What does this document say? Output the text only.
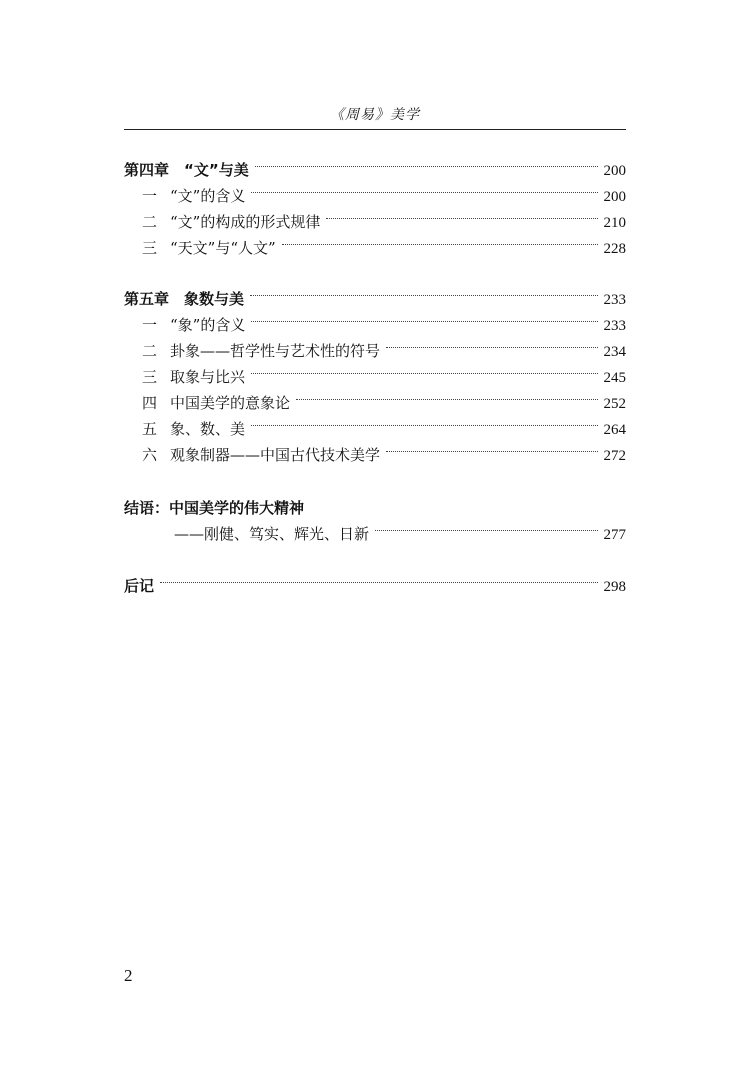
《周易》美学
第四章　“文”与美	200
一 “文”的含义	200
二 “文”的构成的形式规律	210
三 “天文”与“人文”	228
第五章　象数与美	233
一 “象”的含义	233
二 卦象——哲学性与艺术性的符号	234
三 取象与比兴	245
四 中国美学的意象论	252
五 象、数、美	264
六 观象制器——中国古代技术美学	272
结语：中国美学的伟大精神
——刚健、笃实、辉光、日新	277
后记	298
2
